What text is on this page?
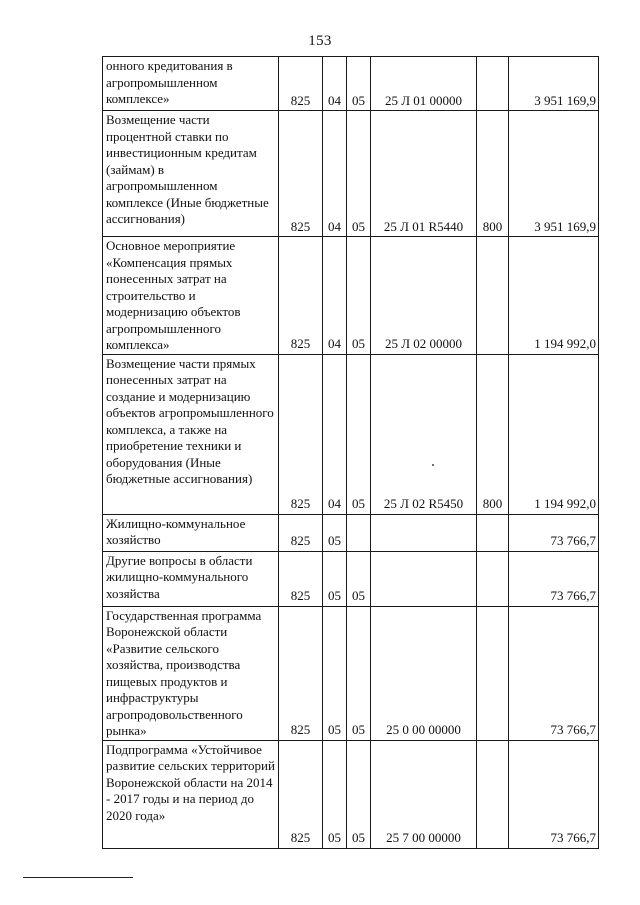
153
онного кредитования в агропромышленном комплексе»	825	04	05	25 Л 01 00000		3 951 169,9
Возмещение части процентной ставки по инвестиционным кредитам (займам) в агропромышленном комплексе (Иные бюджетные ассигнования)	825	04	05	25 Л 01 R5440	800	3 951 169,9
Основное мероприятие «Компенсация прямых понесенных затрат на строительство и модернизацию объектов агропромышленного комплекса»	825	04	05	25 Л 02 00000		1 194 992,0
Возмещение части прямых понесенных затрат на создание и модернизацию объектов агропромышленного комплекса, а также на приобретение техники и оборудования (Иные бюджетные ассигнования)	825	04	05	25 Л 02 R5450	800	1 194 992,0
Жилищно-коммунальное хозяйство	825	05				73 766,7
Другие вопросы в области жилищно-коммунального хозяйства	825	05	05			73 766,7
Государственная программа Воронежской области «Развитие сельского хозяйства, производства пищевых продуктов и инфраструктуры агропродовольственного рынка»	825	05	05	25 0 00 00000		73 766,7
Подпрограмма «Устойчивое развитие сельских территорий Воронежской области на 2014 - 2017 годы и на период до 2020 года»	825	05	05	25 7 00 00000		73 766,7
